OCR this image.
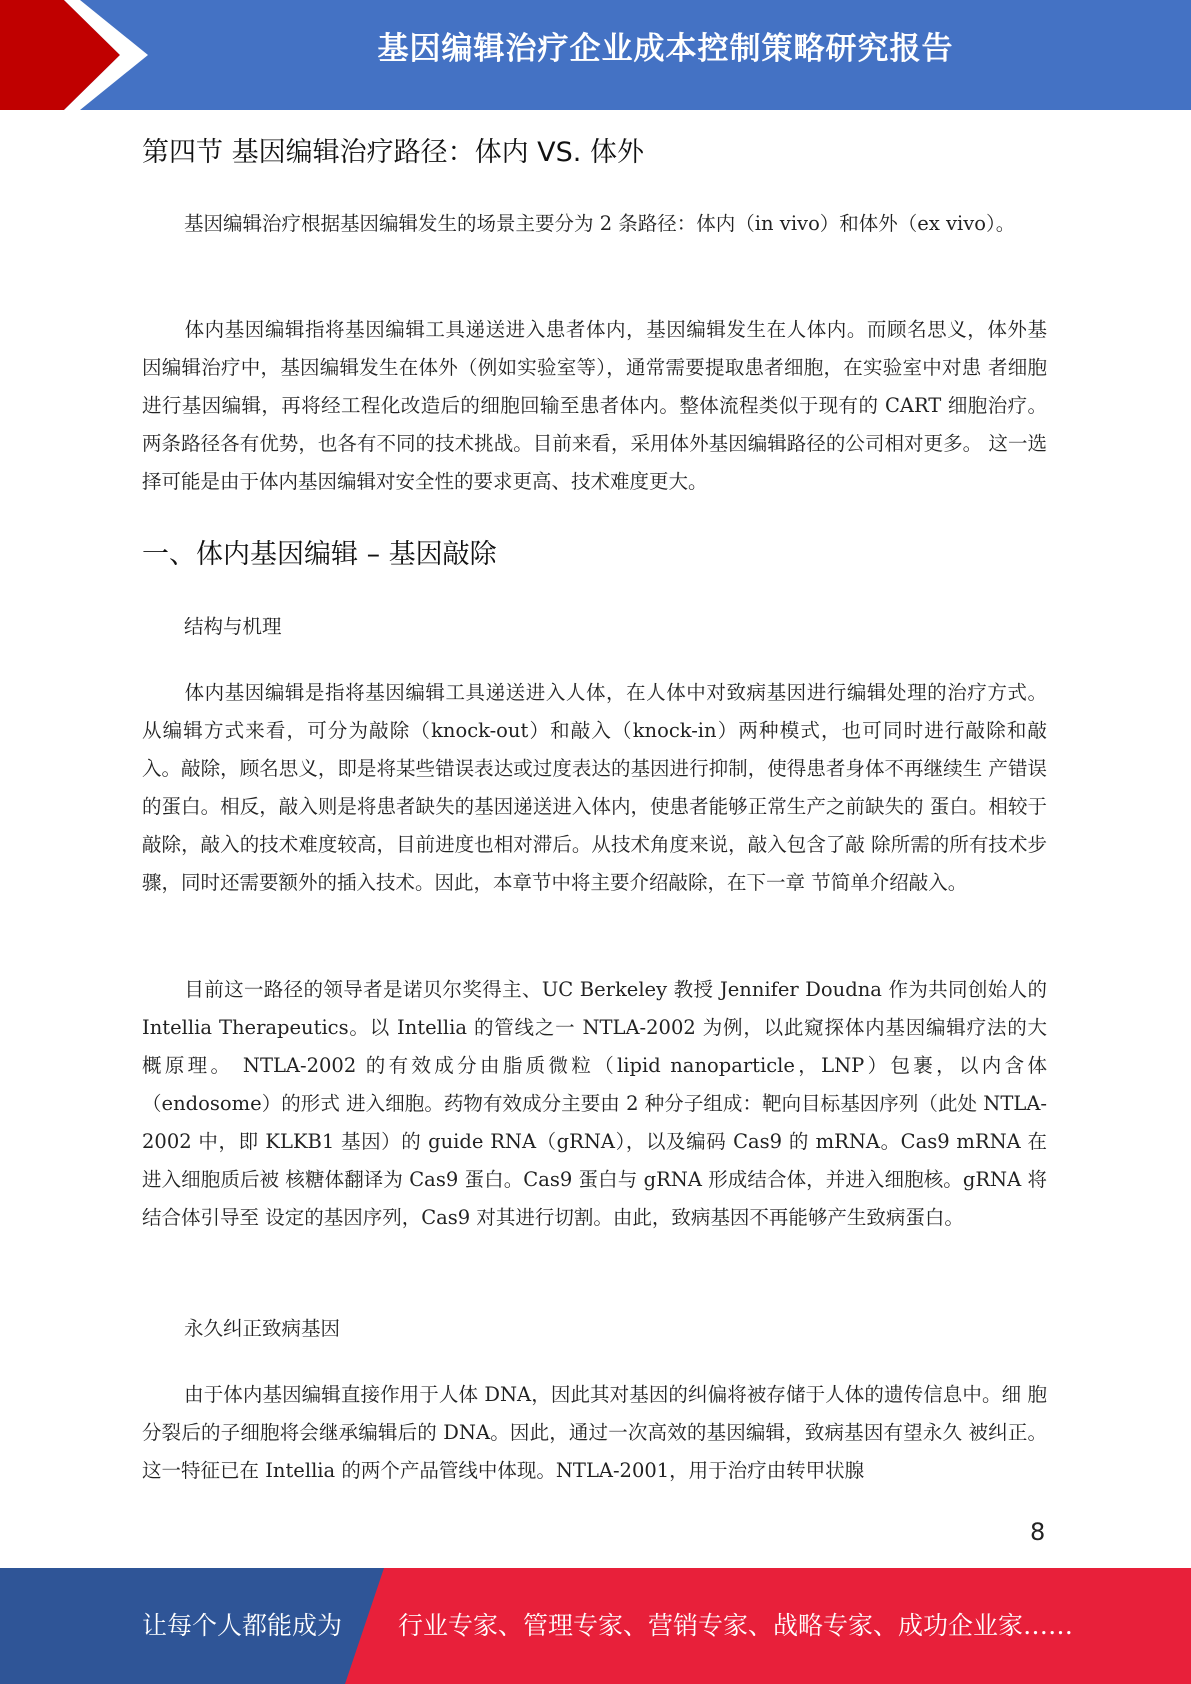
基因编辑治疗企业成本控制策略研究报告
第四节 基因编辑治疗路径：体内 VS. 体外
基因编辑治疗根据基因编辑发生的场景主要分为 2 条路径：体内（in vivo）和体外（ex vivo）。
体内基因编辑指将基因编辑工具递送进入患者体内，基因编辑发生在人体内。而顾名思义，体外基 因编辑治疗中，基因编辑发生在体外（例如实验室等），通常需要提取患者细胞，在实验室中对患 者细胞进行基因编辑，再将经工程化改造后的细胞回输至患者体内。整体流程类似于现有的 CART 细胞治疗。 两条路径各有优势，也各有不同的技术挑战。目前来看，采用体外基因编辑路径的公司相对更多。 这一选择可能是由于体内基因编辑对安全性的要求更高、技术难度更大。
一、体内基因编辑 – 基因敲除
结构与机理
体内基因编辑是指将基因编辑工具递送进入人体，在人体中对致病基因进行编辑处理的治疗方式。 从编辑方式来看，可分为敲除（knock-out）和敲入（knock-in）两种模式，也可同时进行敲除和敲 入。敲除，顾名思义，即是将某些错误表达或过度表达的基因进行抑制，使得患者身体不再继续生 产错误的蛋白。相反，敲入则是将患者缺失的基因递送进入体内，使患者能够正常生产之前缺失的 蛋白。相较于敲除，敲入的技术难度较高，目前进度也相对滞后。从技术角度来说，敲入包含了敲 除所需的所有技术步骤，同时还需要额外的插入技术。因此，本章节中将主要介绍敲除，在下一章 节简单介绍敲入。
目前这一路径的领导者是诺贝尔奖得主、UC Berkeley 教授 Jennifer Doudna 作为共同创始人的 Intellia Therapeutics。以 Intellia 的管线之一 NTLA-2002 为例，以此窥探体内基因编辑疗法的大 概原理。 NTLA-2002 的有效成分由脂质微粒（lipid nanoparticle，LNP）包裹，以内含体（endosome）的形式 进入细胞。药物有效成分主要由 2 种分子组成：靶向目标基因序列（此处 NTLA-2002 中，即 KLKB1 基因）的 guide RNA（gRNA），以及编码 Cas9 的 mRNA。Cas9 mRNA 在进入细胞质后被 核糖体翻译为 Cas9 蛋白。Cas9 蛋白与 gRNA 形成结合体，并进入细胞核。gRNA 将结合体引导至 设定的基因序列，Cas9 对其进行切割。由此，致病基因不再能够产生致病蛋白。
永久纠正致病基因
由于体内基因编辑直接作用于人体 DNA，因此其对基因的纠偏将被存储于人体的遗传信息中。细 胞分裂后的子细胞将会继承编辑后的 DNA。因此，通过一次高效的基因编辑，致病基因有望永久 被纠正。 这一特征已在 Intellia 的两个产品管线中体现。NTLA-2001，用于治疗由转甲状腺
8
让每个人都能成为 行业专家、管理专家、营销专家、战略专家、成功企业家……
